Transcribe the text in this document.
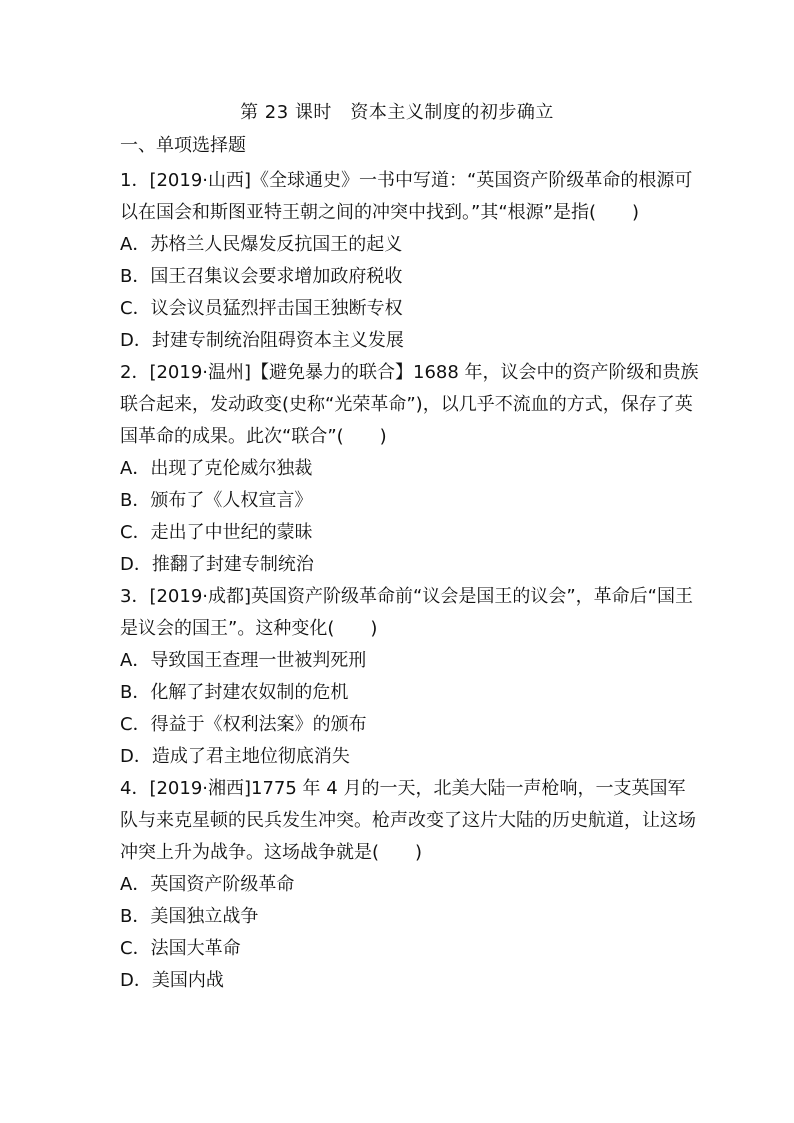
第 23 课时　资本主义制度的初步确立
一、单项选择题

1．[2019·山西]《全球通史》一书中写道：“英国资产阶级革命的根源可以在国会和斯图亚特王朝之间的冲突中找到。”其“根源”是指(　　)

A．苏格兰人民爆发反抗国王的起义

B．国王召集议会要求增加政府税收

C．议会议员猛烈抨击国王独断专权

D．封建专制统治阻碍资本主义发展

2．[2019·温州]【避免暴力的联合】1688 年，议会中的资产阶级和贵族联合起来，发动政变(史称“光荣革命”)，以几乎不流血的方式，保存了英国革命的成果。此次“联合”(　　)

A．出现了克伦威尔独裁

B．颁布了《人权宣言》

C．走出了中世纪的蒙昧

D．推翻了封建专制统治

3．[2019·成都]英国资产阶级革命前“议会是国王的议会”，革命后“国王是议会的国王”。这种变化(　　)

A．导致国王查理一世被判死刑

B．化解了封建农奴制的危机

C．得益于《权利法案》的颁布

D．造成了君主地位彻底消失

4．[2019·湘西]1775 年 4 月的一天，北美大陆一声枪响，一支英国军队与来克星顿的民兵发生冲突。枪声改变了这片大陆的历史航道，让这场冲突上升为战争。这场战争就是(　　)

A．英国资产阶级革命

B．美国独立战争

C．法国大革命

D．美国内战
